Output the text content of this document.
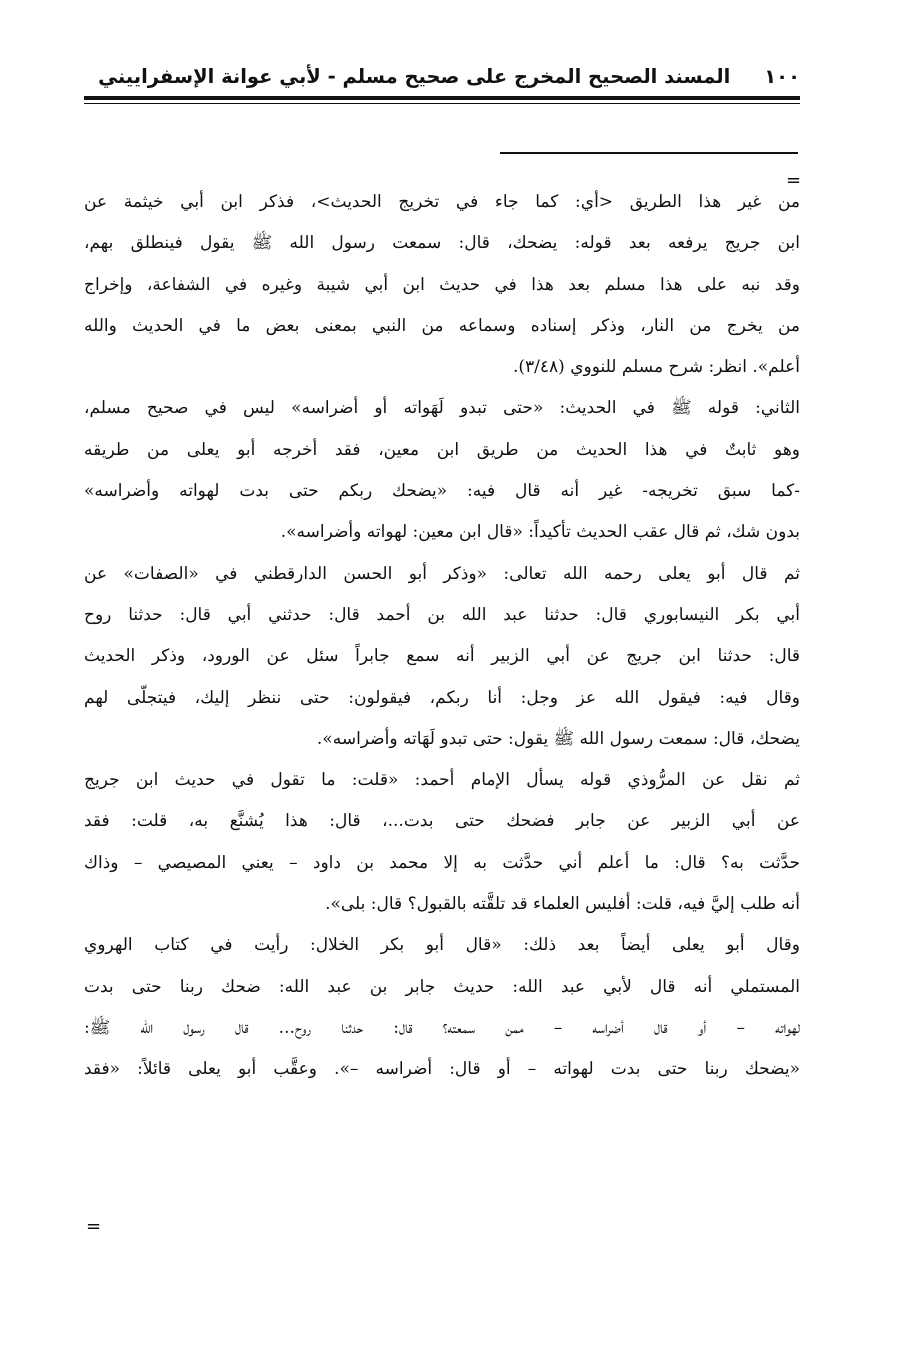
١٠٠
المسند الصحيح المخرج على صحيح مسلم - لأبي عوانة الإسفراييني
=
من غير هذا الطريق <أي: كما جاء في تخريج الحديث>، فذكر ابن أبي خيثمة عن
ابن جريج يرفعه بعد قوله: يضحك، قال: سمعت رسول الله ﷺ يقول فينطلق بهم،
وقد نبه على هذا مسلم بعد هذا في حديث ابن أبي شيبة وغيره في الشفاعة، وإخراج
من يخرج من النار، وذكر إسناده وسماعه من النبي بمعنى بعض ما في الحديث والله
أعلم». انظر: شرح مسلم للنووي (٣/٤٨).
الثاني: قوله ﷺ في الحديث: «حتى تبدو لَهَواته أو أضراسه» ليس في صحيح مسلم،
وهو ثابتٌ في هذا الحديث من طريق ابن معين، فقد أخرجه أبو يعلى من طريقه
-كما سبق تخريجه- غير أنه قال فيه: «يضحك ربكم حتى بدت لهواته وأضراسه»
بدون شك، ثم قال عقب الحديث تأكيداً: «قال ابن معين: لهواته وأضراسه».
ثم قال أبو يعلى رحمه الله تعالى: «وذكر أبو الحسن الدارقطني في «الصفات» عن
أبي بكر النيسابوري قال: حدثنا عبد الله بن أحمد قال: حدثني أبي قال: حدثنا روح
قال: حدثنا ابن جريج عن أبي الزبير أنه سمع جابراً سئل عن الورود، وذكر الحديث
وقال فيه: فيقول الله عز وجل: أنا ربكم، فيقولون: حتى ننظر إليك، فيتجلّى لهم
يضحك، قال: سمعت رسول الله ﷺ يقول: حتى تبدو لَهَاته وأضراسه».
ثم نقل عن المرُّوذي قوله يسأل الإمام أحمد: «قلت: ما تقول في حديث ابن جريج
عن أبي الزبير عن جابر فضحك حتى بدت...، قال: هذا يُشنَّع به، قلت: فقد
حدَّثت به؟ قال: ما أعلم أني حدَّثت به إلا محمد بن داود – يعني المصيصي – وذاك
أنه طلب إليَّ فيه، قلت: أفليس العلماء قد تلقَّته بالقبول؟ قال: بلى».
وقال أبو يعلى أيضاً بعد ذلك: «قال أبو بكر الخلال: رأيت في كتاب الهروي
المستملي أنه قال لأبي عبد الله: حديث جابر بن عبد الله: ضحك ربنا حتى بدت
لهواته – أو قال أضراسه – ممن سمعته؟ قال: حدثنا روح... قال رسول الله ﷺ:
«يضحك ربنا حتى بدت لهواته – أو قال: أضراسه –». وعقَّب أبو يعلى قائلاً: «فقد
=
